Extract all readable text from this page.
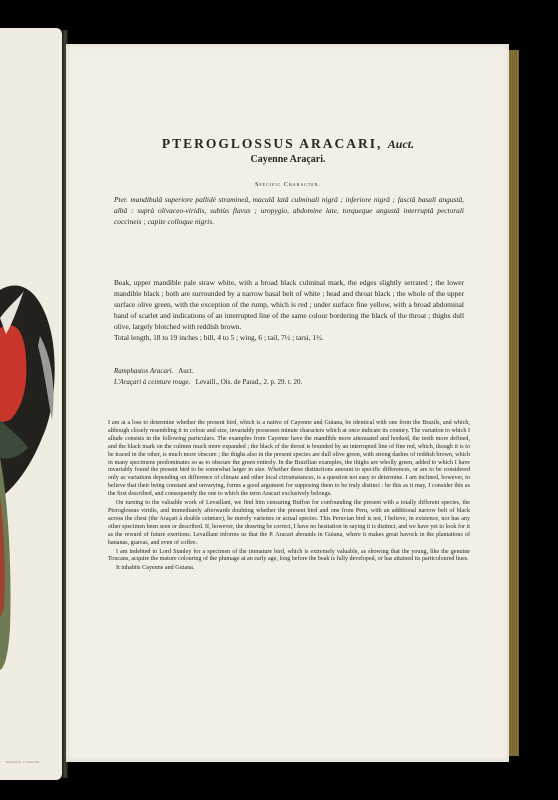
Painted by J. Gould del.
PTEROGLOSSUS ARACARI, Auct.
Cayenne Araçari.
Specific Character.

Pter. mandibulâ superiore pallidè stramineâ, maculâ latâ culminali nigrâ ; inferiore nigrâ ; fasciâ basali angustâ, albâ : suprà olivaceo-viridis, subtùs flavus ; uropygio, abdomine late, torqueque angustâ interruptâ pectorali coccineis ; capite colloque nigris.

Beak, upper mandible pale straw white, with a broad black culminal mark, the edges slightly serrated ; the lower mandible black ; both are surrounded by a narrow basal belt of white ; head and throat black ; the whole of the upper surface olive green, with the exception of the rump, which is red ; under surface fine yellow, with a broad abdominal band of scarlet and indications of an interrupted line of the same colour bordering the black of the throat ; thighs dull olive, largely blotched with reddish brown.
Total length, 18 to 19 inches ; bill, 4 to 5 ; wing, 6 ; tail, 7½ ; tarsi, 1½.

Ramphastos Aracari. Auct.
L'Araçari à ceinture rouge. Levaill., Ois. de Parad., 2. p. 29. t. 20.

I am at a loss to determine whether the present bird, which is a native of Cayenne and Guiana, be identical with one from the Brazils, and which, although closely resembling it in colour and size, invariably possesses minute characters which at once indicate its country. The variation to which I allude consists in the following particulars. The examples from Cayenne have the mandible more attenuated and hooked, the teeth more defined, and the black mark on the culmen much more expanded ; the black of the throat is bounded by an interrupted line of fine red, which, though it is to be traced in the other, is much more obscure ; the thighs also in the present species are dull olive green, with strong dashes of reddish brown, which in many specimens predominates so as to obscure the green entirely. In the Brazilian examples, the thighs are wholly green, added to which I have invariably found the present bird to be somewhat larger in size. Whether these distinctions amount to specific differences, or are to be considered only as variations depending on difference of climate and other local circumstances, is a question not easy to determine. I am inclined, however, to believe that their being constant and unvarying, forms a good argument for supposing them to be truly distinct : be this as it may, I consider this as the first described, and consequently the one to which the term Aracari exclusively belongs.

On turning to the valuable work of Levaillant, we find him censuring Buffon for confounding the present with a totally different species, the Pteroglossus viridis, and immediately afterwards doubting whether the present bird and one from Peru, with an additional narrow belt of black across the chest (the Araçari à double ceinture), be merely varieties or actual species. This Peruvian bird is not, I believe, in existence, nor has any other specimen been seen or described. If, however, the drawing be correct, I have no hesitation in saying it is distinct, and we have yet to look for it as the reward of future exertions. Levaillant informs us that the P. Aracari abounds in Guiana, where it makes great havock in the plantations of bananas, guavas, and even of coffee.

I am indebted to Lord Stanley for a specimen of the immature bird, which is extremely valuable, as showing that the young, like the genuine Toucans, acquire the mature colouring of the plumage at an early age, long before the beak is fully developed, or has attained its particoloured hues.

It inhabits Cayenne and Guiana.
